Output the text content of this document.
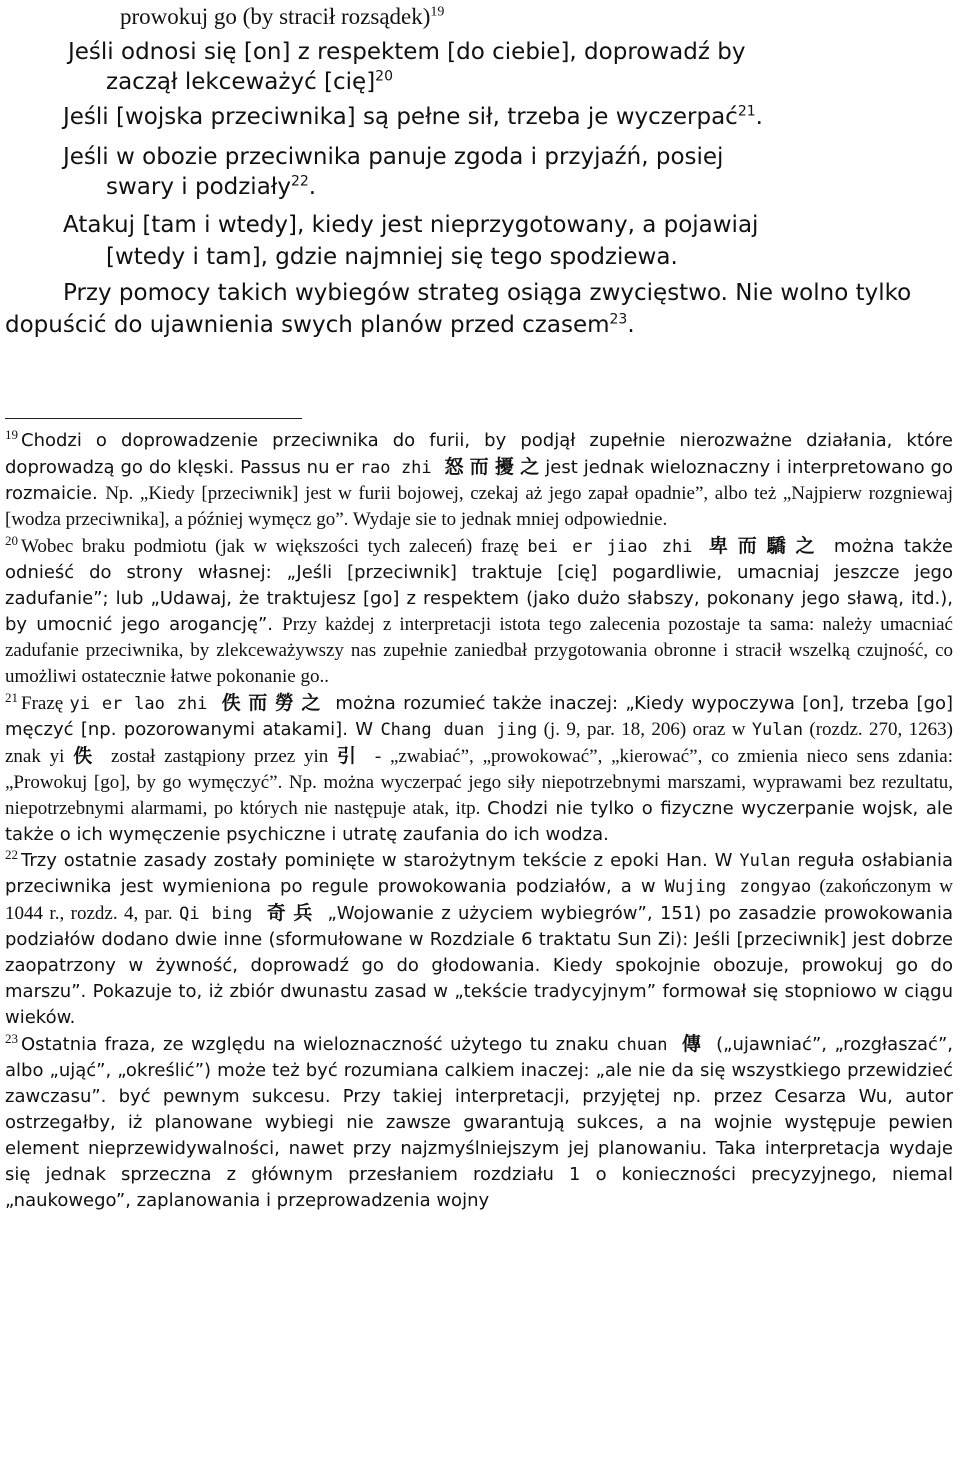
prowokuj go (by stracił rozsądek)$^{19}$
Jeśli odnosi się [on] z respektem [do ciebie], doprowadź by
zaczął lekceważyć [cię]$^{20}$
Jeśli [wojska przeciwnika] są pełne sił, trzeba je wyczerpać$^{21}$.
Jeśli w obozie przeciwnika panuje zgoda i przyjaźń, posiej
swary i podziały$^{22}$.
Atakuj [tam i wtedy], kiedy jest nieprzygotowany, a pojawiaj
[wtedy i tam], gdzie najmniej się tego spodziewa.
Przy pomocy takich wybiegów strateg osiąga zwycięstwo. Nie wolno tylko
dopuścić do ujawnienia swych planów przed czasem$^{23}$.

$^{19}$ Chodzi o doprowadzenie przeciwnika do furii, by podjął zupełnie nierozważne działania, które doprowadzą go do klęski. Passus nu er rao zhi 怒而擾之jest jednak wieloznaczny i interpretowano go rozmaicie. Np. „Kiedy [przeciwnik] jest w furii bojowej, czekaj aż jego zapał opadnie”, albo też „Najpierw rozgniewaj [wodza przeciwnika], a później wymęcz go”. Wydaje sie to jednak mniej odpowiednie.

$^{20}$ Wobec braku podmiotu (jak w większości tych zaleceń) frazę bei er jiao zhi 卑而驕之 można także odnieść do strony własnej: „Jeśli [przeciwnik] traktuje [cię] pogardliwie, umacniaj jeszcze jego zadufanie”; lub „Udawaj, że traktujesz [go] z respektem (jako dużo słabszy, pokonany jego sławą, itd.), by umocnić jego arogancję”. Przy każdej z interpretacji istota tego zalecenia pozostaje ta sama: należy umacniać zadufanie przeciwnika, by zlekceważywszy nas zupełnie zaniedbał przygotowania obronne i stracił wszelką czujność, co umożliwi ostatecznie łatwe pokonanie go..

$^{21}$ Frazę yi er lao zhi 佚而勞之 można rozumieć także inaczej: „Kiedy wypoczywa [on], trzeba [go] męczyć [np. pozorowanymi atakami]. W Chang duan jing (j. 9, par. 18, 206) oraz w Yulan (rozdz. 270, 1263) znak yi 佚 został zastąpiony przez yin 引 - „zwabiać”, „prowokować”, „kierować”, co zmienia nieco sens zdania: „Prowokuj [go], by go wymęczyć”. Np. można wyczerpać jego siły niepotrzebnymi marszami, wyprawami bez rezultatu, niepotrzebnymi alarmami, po których nie następuje atak, itp. Chodzi nie tylko o fizyczne wyczerpanie wojsk, ale także o ich wymęczenie psychiczne i utratę zaufania do ich wodza.

$^{22}$ Trzy ostatnie zasady zostały pominięte w starożytnym tekście z epoki Han. W Yulan reguła osłabiania przeciwnika jest wymieniona po regule prowokowania podziałów, a w Wujing zongyao (zakończonym w 1044 r., rozdz. 4, par. Qi bing 奇兵 „Wojowanie z użyciem wybiegrów”, 151) po zasadzie prowokowania podziałów dodano dwie inne (sformułowane w Rozdziale 6 traktatu Sun Zi): Jeśli [przeciwnik] jest dobrze zaopatrzony w żywność, doprowadź go do głodowania. Kiedy spokojnie obozuje, prowokuj go do marszu”. Pokazuje to, iż zbiór dwunastu zasad w „tekście tradycyjnym” formował się stopniowo w ciągu wieków.

$^{23}$ Ostatnia fraza, ze względu na wieloznaczność użytego tu znaku chuan 傳 („ujawniać”, „rozgłaszać”, albo „ująć”, „określić”) może też być rozumiana calkiem inaczej: „ale nie da się wszystkiego przewidzieć zawczasu”. być pewnym sukcesu. Przy takiej interpretacji, przyjętej np. przez Cesarza Wu, autor ostrzegałby, iż planowane wybiegi nie zawsze gwarantują sukces, a na wojnie występuje pewien element nieprzewidywalności, nawet przy najzmyślniejszym jej planowaniu. Taka interpretacja wydaje się jednak sprzeczna z głównym przesłaniem rozdziału 1 o konieczności precyzyjnego, niemal „naukowego”, zaplanowania i przeprowadzenia wojny
